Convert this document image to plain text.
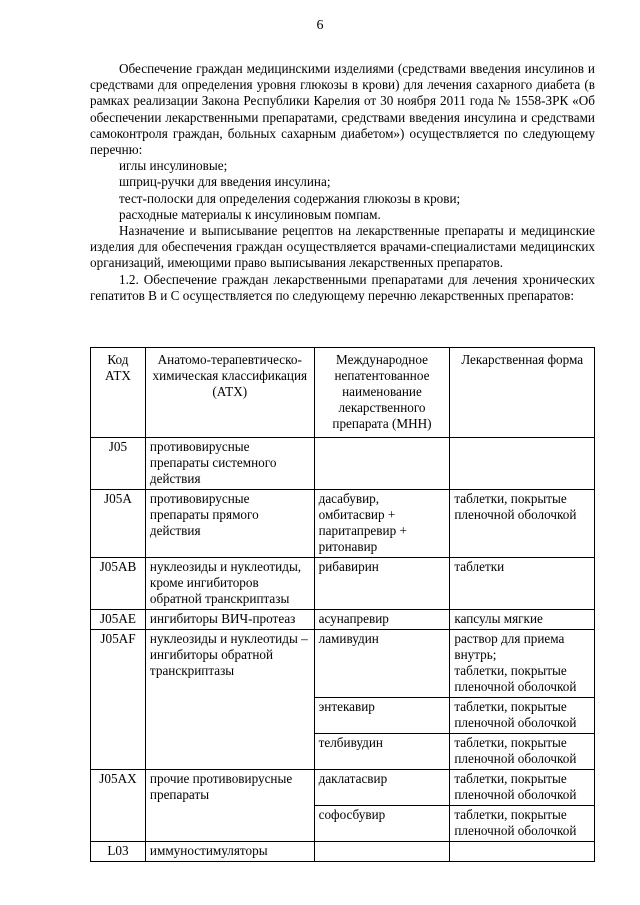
6

Обеспечение граждан медицинскими изделиями (средствами введения инсулинов и средствами для определения уровня глюкозы в крови) для лечения сахарного диабета (в рамках реализации Закона Республики Карелия от 30 ноября 2011 года № 1558-ЗРК «Об обеспечении лекарственными препаратами, средствами введения инсулина и средствами самоконтроля граждан, больных сахарным диабетом») осуществляется по следующему перечню:

иглы инсулиновые;

шприц-ручки для введения инсулина;

тест-полоски для определения содержания глюкозы в крови;

расходные материалы к инсулиновым помпам.

Назначение и выписывание рецептов на лекарственные препараты и медицинские изделия для обеспечения граждан осуществляется врачами-специалистами медицинских организаций, имеющими право выписывания лекарственных препаратов.

1.2. Обеспечение граждан лекарственными препаратами для лечения хронических гепатитов В и С осуществляется по следующему перечню лекарственных препаратов:

Код АТХ	Анатомо-терапевтическо-химическая классификация (АТХ)	Международное непатентованное наименование лекарственного препарата (МНН)	Лекарственная форма
J05	противовирусные препараты системного действия		
J05A	противовирусные препараты прямого действия	дасабувир, омбитасвир + паритапревир + ритонавир	таблетки, покрытые пленочной оболочкой
J05AB	нуклеозиды и нуклеотиды, кроме ингибиторов обратной транскриптазы	рибавирин	таблетки
J05AE	ингибиторы ВИЧ-протеаз	асунапревир	капсулы мягкие
J05AF	нуклеозиды и нуклеотиды – ингибиторы обратной транскриптазы	ламивудин	раствор для приема внутрь;
таблетки, покрытые пленочной оболочкой

		энтекавир	таблетки, покрытые пленочной оболочкой
		телбивудин	таблетки, покрытые пленочной оболочкой
J05AX	прочие противовирусные препараты	даклатасвир	таблетки, покрытые пленочной оболочкой
		софосбувир	таблетки, покрытые пленочной оболочкой
L03	иммуностимуляторы		
